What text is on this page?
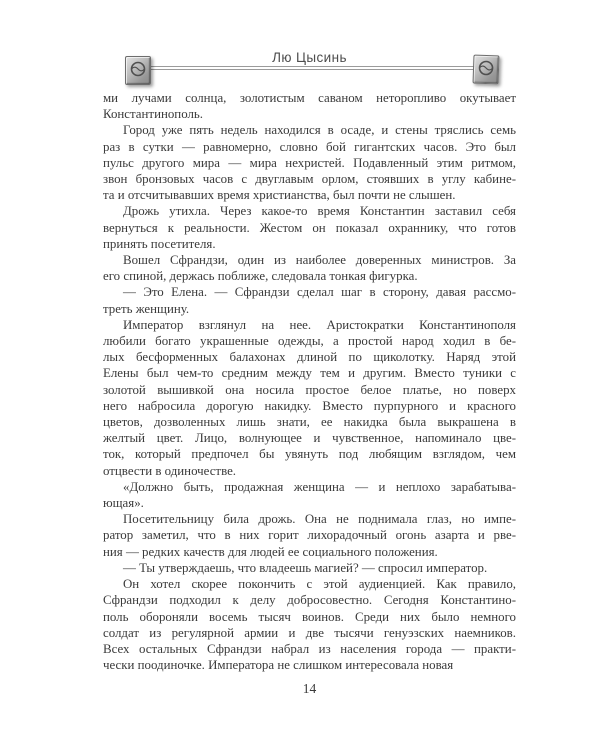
Лю Цысинь
ми лучами солнца, золотистым саваном неторопливо окутывает
Константинополь.
Город уже пять недель находился в осаде, и стены тряслись семь
раз в сутки — равномерно, словно бой гигантских часов. Это был
пульс другого мира — мира нехристей. Подавленный этим ритмом,
звон бронзовых часов с двуглавым орлом, стоявших в углу кабине-
та и отсчитывавших время христианства, был почти не слышен.
Дрожь утихла. Через какое-то время Константин заставил себя
вернуться к реальности. Жестом он показал охраннику, что готов
принять посетителя.
Вошел Сфрандзи, один из наиболее доверенных министров. За
его спиной, держась поближе, следовала тонкая фигурка.
— Это Елена. — Сфрандзи сделал шаг в сторону, давая рассмо-
треть женщину.
Император взглянул на нее. Аристократки Константинополя
любили богато украшенные одежды, а простой народ ходил в бе-
лых бесформенных балахонах длиной по щиколотку. Наряд этой
Елены был чем-то средним между тем и другим. Вместо туники с
золотой вышивкой она носила простое белое платье, но поверх
него набросила дорогую накидку. Вместо пурпурного и красного
цветов, дозволенных лишь знати, ее накидка была выкрашена в
желтый цвет. Лицо, волнующее и чувственное, напоминало цве-
ток, который предпочел бы увянуть под любящим взглядом, чем
отцвести в одиночестве.
«Должно быть, продажная женщина — и неплохо зарабатыва-
ющая».
Посетительницу била дрожь. Она не поднимала глаз, но импе-
ратор заметил, что в них горит лихорадочный огонь азарта и рве-
ния — редких качеств для людей ее социального положения.
— Ты утверждаешь, что владеешь магией? — спросил император.
Он хотел скорее покончить с этой аудиенцией. Как правило,
Сфрандзи подходил к делу добросовестно. Сегодня Константино-
поль обороняли восемь тысяч воинов. Среди них было немного
солдат из регулярной армии и две тысячи генуэзских наемников.
Всех остальных Сфрандзи набрал из населения города — практи-
чески поодиночке. Императора не слишком интересовала новая
14
